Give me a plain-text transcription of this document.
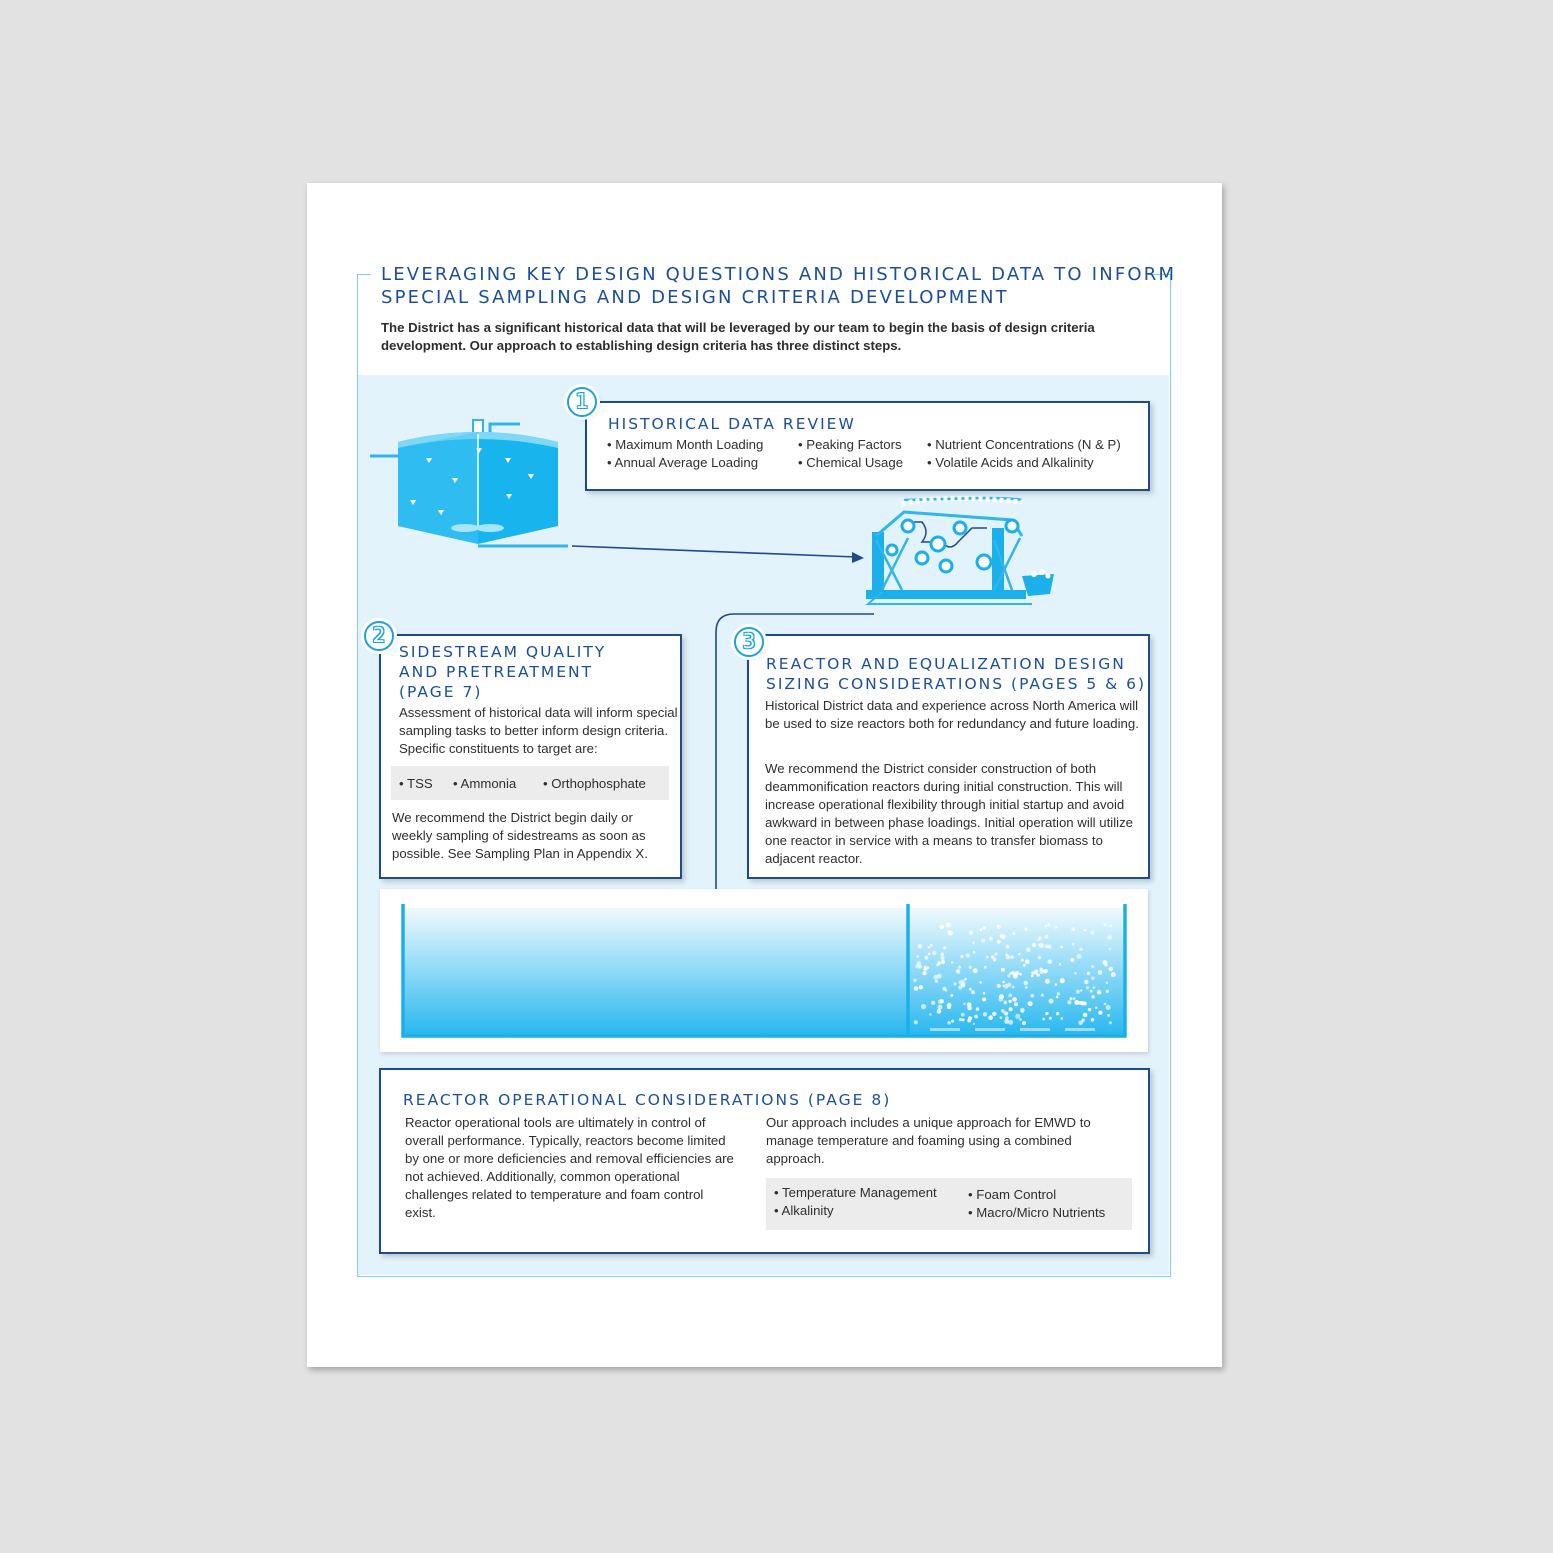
LEVERAGING KEY DESIGN QUESTIONS AND HISTORICAL DATA TO INFORM
SPECIAL SAMPLING AND DESIGN CRITERIA DEVELOPMENT

The District has a significant historical data that will be leveraged by our team to begin the basis of design criteria development. Our approach to establishing design criteria has three distinct steps.

HISTORICAL DATA REVIEW
• Maximum Month Loading
• Annual Average Loading
• Peaking Factors
• Chemical Usage
• Nutrient Concentrations (N & P)
• Volatile Acids and Alkalinity
1
SIDESTREAM QUALITY
AND PRETREATMENT
(PAGE 7)

Assessment of historical data will inform special sampling tasks to better inform design criteria. Specific constituents to target are:

• TSS • Ammonia • Orthophosphate

We recommend the District begin daily or weekly sampling of sidestreams as soon as possible. See Sampling Plan in Appendix X.

2
REACTOR AND EQUALIZATION DESIGN
SIZING CONSIDERATIONS (PAGES 5 & 6)

Historical District data and experience across North America will be used to size reactors both for redundancy and future loading.

We recommend the District consider construction of both deammonification reactors during initial construction. This will increase operational flexibility through initial startup and avoid awkward in between phase loadings. Initial operation will utilize one reactor in service with a means to transfer biomass to adjacent reactor.

3
REACTOR OPERATIONAL CONSIDERATIONS (PAGE 8)

Reactor operational tools are ultimately in control of overall performance. Typically, reactors become limited by one or more deficiencies and removal efficiencies are not achieved. Additionally, common operational challenges related to temperature and foam control exist.

Our approach includes a unique approach for EMWD to manage temperature and foaming using a combined approach.

• Temperature Management
• Alkalinity
• Foam Control
• Macro/Micro Nutrients
